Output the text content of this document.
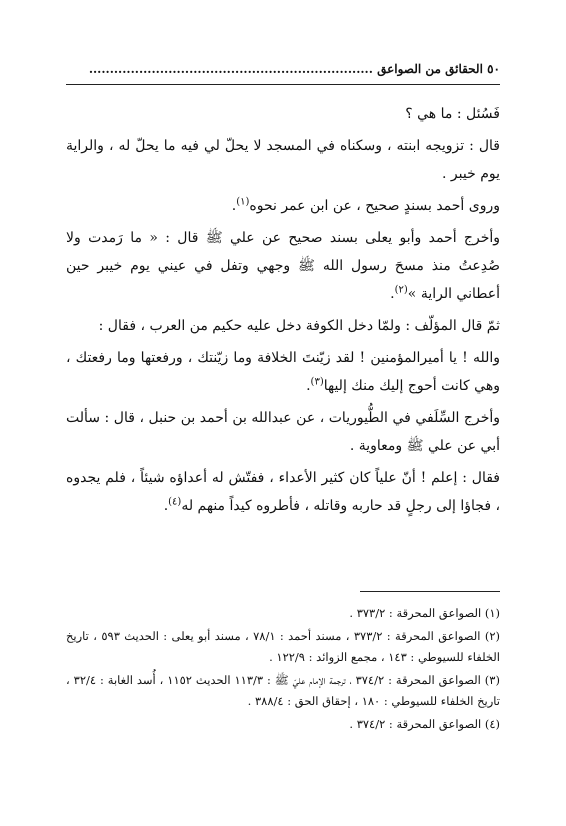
٥٠ الحقائق من الصواعق ....................................................................

فَسُئل : ما هي ؟

قال : تزويجه ابنته ، وسكناه في المسجد لا يحلّ لي فيه ما يحلّ له ، والراية يوم خيبر .

وروى أحمد بسندٍ صحيح ، عن ابن عمر نحوه$^{(١)}$.

وأخرج أحمد وأبو يعلى بسند صحيح عن علي ﷺ قال : « ما رَمدت ولا صُدِعتُ منذ مسحَ رسول الله ﷺ وجهي وتفل في عيني يوم خيبر حين أعطاني الراية »$^{(٢)}$.

ثمّ قال المؤلّف : ولمّا دخل الكوفة دخل عليه حكيم من العرب ، فقال :

والله ! يا أميرالمؤمنين ! لقد زيّنتَ الخلافة وما زيّنتك ، ورفعتها وما رفعتك ، وهي كانت أحوج إليك منك إليها$^{(٣)}$.

وأخرج السِّلَفي في الطُّيوريات ، عن عبدالله بن أحمد بن حنبل ، قال : سألت أبي عن علي ﷺ ومعاوية .

فقال : إعلم ! أنّ علياً كان كثير الأعداء ، ففتّش له أعداؤه شيئاً ، فلم يجدوه ، فجاؤا إلى رجلٍ قد حاربه وقاتله ، فأطروه كيداً منهم له$^{(٤)}$.

(١) الصواعق المحرقة : ٣٧٣/٢ .

(٢) الصواعق المحرقة : ٣٧٣/٢ ، مسند أحمد : ٧٨/١ ، مسند أبو يعلى : الحديث ٥٩٣ ، تاريخ الخلفاء للسيوطي : ١٤٣ ، مجمع الزوائد : ١٢٢/٩ .

(٣) الصواعق المحرقة : ٣٧٤/٢ ، ترجمة الإمام عليّ ﷺ : ١١٣/٣ الحديث ١١٥٢ ، أُسد الغابة : ٣٢/٤ ، تاريخ الخلفاء للسيوطي : ١٨٠ ، إحقاق الحق : ٣٨٨/٤ .

(٤) الصواعق المحرقة : ٣٧٤/٢ .
